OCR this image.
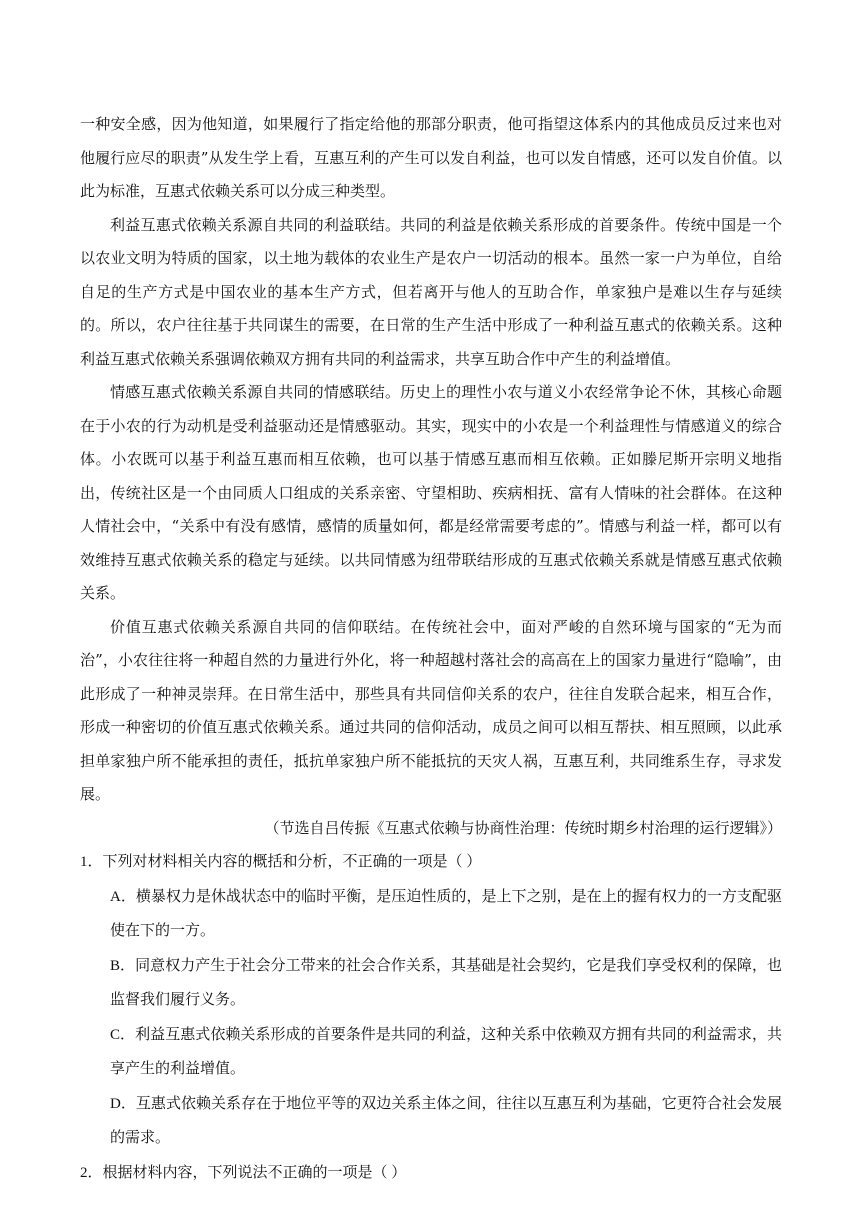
一种安全感，因为他知道，如果履行了指定给他的那部分职责，他可指望这体系内的其他成员反过来也对他履行应尽的职责”从发生学上看，互惠互利的产生可以发自利益，也可以发自情感，还可以发自价值。以此为标准，互惠式依赖关系可以分成三种类型。

利益互惠式依赖关系源自共同的利益联结。共同的利益是依赖关系形成的首要条件。传统中国是一个以农业文明为特质的国家，以土地为载体的农业生产是农户一切活动的根本。虽然一家一户为单位，自给自足的生产方式是中国农业的基本生产方式，但若离开与他人的互助合作，单家独户是难以生存与延续的。所以，农户往往基于共同谋生的需要，在日常的生产生活中形成了一种利益互惠式的依赖关系。这种利益互惠式依赖关系强调依赖双方拥有共同的利益需求，共享互助合作中产生的利益增值。

情感互惠式依赖关系源自共同的情感联结。历史上的理性小农与道义小农经常争论不休，其核心命题在于小农的行为动机是受利益驱动还是情感驱动。其实，现实中的小农是一个利益理性与情感道义的综合体。小农既可以基于利益互惠而相互依赖，也可以基于情感互惠而相互依赖。正如滕尼斯开宗明义地指出，传统社区是一个由同质人口组成的关系亲密、守望相助、疾病相抚、富有人情味的社会群体。在这种人情社会中，“关系中有没有感情，感情的质量如何，都是经常需要考虑的”。情感与利益一样，都可以有效维持互惠式依赖关系的稳定与延续。以共同情感为纽带联结形成的互惠式依赖关系就是情感互惠式依赖关系。

价值互惠式依赖关系源自共同的信仰联结。在传统社会中，面对严峻的自然环境与国家的“无为而治”，小农往往将一种超自然的力量进行外化，将一种超越村落社会的高高在上的国家力量进行“隐喻”，由此形成了一种神灵崇拜。在日常生活中，那些具有共同信仰关系的农户，往往自发联合起来，相互合作，形成一种密切的价值互惠式依赖关系。通过共同的信仰活动，成员之间可以相互帮扶、相互照顾，以此承担单家独户所不能承担的责任，抵抗单家独户所不能抵抗的天灾人祸，互惠互利，共同维系生存，寻求发展。

（节选自吕传振《互惠式依赖与协商性治理：传统时期乡村治理的运行逻辑》）

1．下列对材料相关内容的概括和分析，不正确的一项是（ ）

A．横暴权力是休战状态中的临时平衡，是压迫性质的，是上下之别，是在上的握有权力的一方支配驱使在下的一方。

B．同意权力产生于社会分工带来的社会合作关系，其基础是社会契约，它是我们享受权利的保障，也监督我们履行义务。

C．利益互惠式依赖关系形成的首要条件是共同的利益，这种关系中依赖双方拥有共同的利益需求，共享产生的利益增值。

D．互惠式依赖关系存在于地位平等的双边关系主体之间，往往以互惠互利为基础，它更符合社会发展的需求。

2．根据材料内容，下列说法不正确的一项是（ ）
